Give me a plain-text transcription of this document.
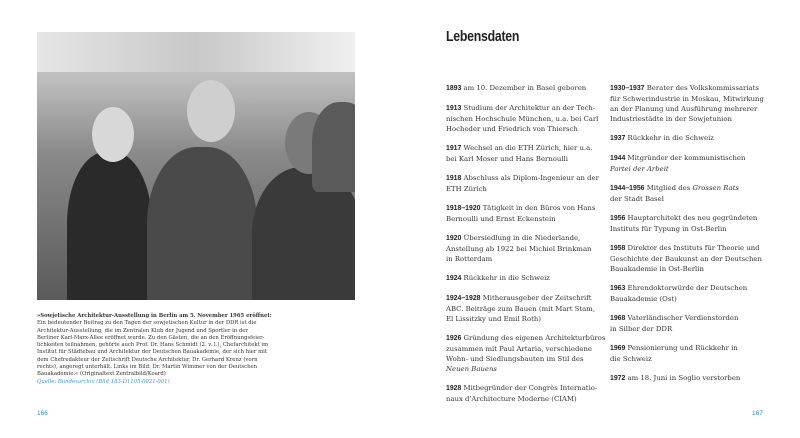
»Sowjetische Architektur-Ausstellung in Berlin am 5. November 1965 eröffnet:
Ein bedeutender Beitrag zu den Tagen der sowjetischen Kultur in der DDR ist die
Architektur-Ausstellung, die im Zentralen Klub der Jugend und Sportler in der
Berliner Karl-Marx-Allee eröffnet wurde. Zu den Gästen, die an den Eröffnungsfeier-
lichkeiten teilnahmen, gehörte auch Prof. Dr. Hans Schmidt (2. v. l.), Chefarchitekt im
Institut für Städtebau und Architektur der Deutschen Bauakademie, der sich hier mit
dem Chefredakteur der Zeitschrift Deutsche Architektur, Dr. Gerhard Krenz (vorn
rechts), angeregt unterhält. Links im Bild: Dr. Martin Wimmer von der Deutschen
Bauakademie.« (Originaltext Zentralbild/Koard)
Quelle: Bundesarchiv (Bild 183-D1105-0021-001)
166	167
Lebensdaten
1893 am 10. Dezember in Basel geboren
1913 Studium der Architektur an der Tech-
nischen Hochschule München, u.a. bei Carl
Hocheder und Friedrich von Thiersch
1917 Wechsel an die ETH Zürich, hier u.a.
bei Karl Moser und Hans Bernoulli
1918 Abschluss als Diplom-Ingenieur an der
ETH Zürich
1918–1920 Tätigkeit in den Büros von Hans
Bernoulli und Ernst Eckenstein
1920 Übersiedlung in die Niederlande,
Anstellung ab 1922 bei Michiel Brinkman
in Rotterdam
1924 Rückkehr in die Schweiz
1924–1928 Mitherausgeber der Zeitschrift
ABC. Beiträge zum Bauen (mit Mart Stam,
El Lissitzky und Emil Roth)
1926 Gründung des eigenen Architekturbüros
zusammen mit Paul Artaria, verschiedene
Wohn- und Siedlungsbauten im Stil des
Neuen Bauens
1928 Mitbegründer der Congrès Internatio-
naux d'Architecture Moderne (CIAM)
1930–1937 Berater des Volkskommissariats
für Schwerindustrie in Moskau, Mitwirkung
an der Planung und Ausführung mehrerer
Industriestädte in der Sowjetunion
1937 Rückkehr in die Schweiz
1944 Mitgründer der kommunistischen
Partei der Arbeit
1944–1956 Mitglied des Grossen Rats
der Stadt Basel
1956 Hauptarchitekt des neu gegründeten
Instituts für Typung in Ost-Berlin
1958 Direktor des Instituts für Theorie und
Geschichte der Baukunst an der Deutschen
Bauakademie in Ost-Berlin
1963 Ehrendoktorwürde der Deutschen
Bauakademie (Ost)
1968 Vaterländischer Verdienstorden
in Silber der DDR
1969 Pensionierung und Rückkehr in
die Schweiz
1972 am 18. Juni in Soglio verstorben
